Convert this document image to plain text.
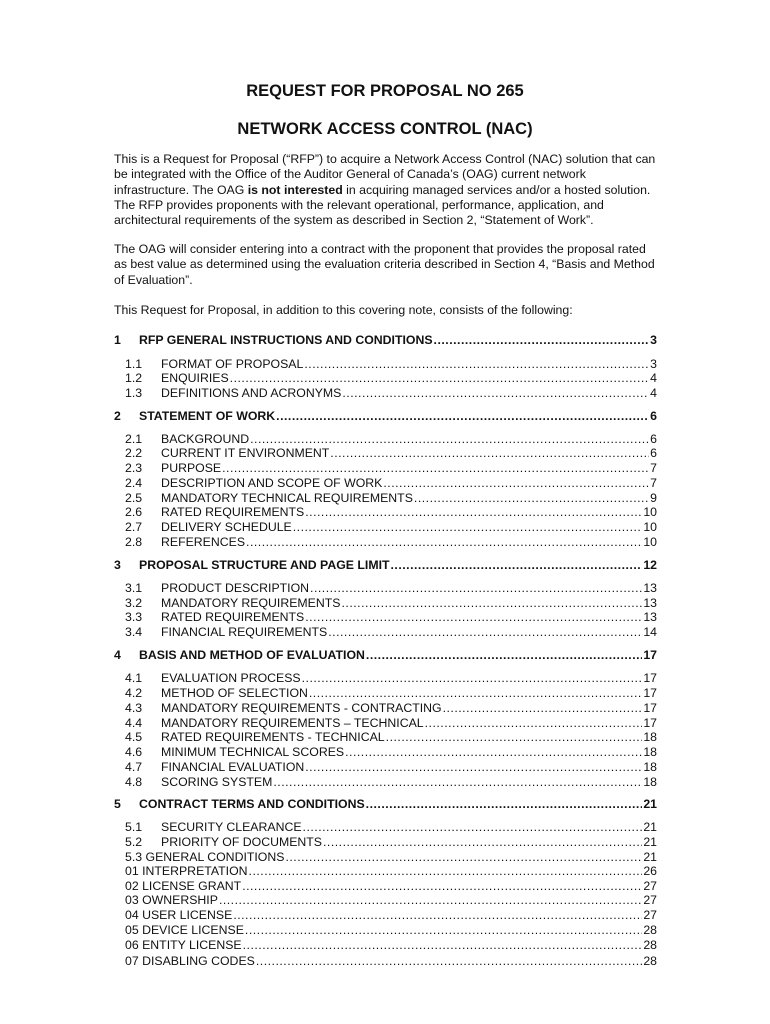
REQUEST FOR PROPOSAL NO 265
NETWORK ACCESS CONTROL (NAC)

This is a Request for Proposal (“RFP”) to acquire a Network Access Control (NAC) solution that can be integrated with the Office of the Auditor General of Canada’s (OAG) current network infrastructure. The OAG is not interested in acquiring managed services and/or a hosted solution. The RFP provides proponents with the relevant operational, performance, application, and architectural requirements of the system as described in Section 2, “Statement of Work”.

The OAG will consider entering into a contract with the proponent that provides the proposal rated as best value as determined using the evaluation criteria described in Section 4, “Basis and Method of Evaluation”.

This Request for Proposal, in addition to this covering note, consists of the following:

1	RFP GENERAL INSTRUCTIONS AND CONDITIONS .....	3
1.1	FORMAT OF PROPOSAL .....	3
1.2	ENQUIRIES .....	4
1.3	DEFINITIONS AND ACRONYMS .....	4
2	STATEMENT OF WORK .....	6
2.1	BACKGROUND .....	6
2.2	CURRENT IT ENVIRONMENT .....	6
2.3	PURPOSE .....	7
2.4	DESCRIPTION AND SCOPE OF WORK .....	7
2.5	MANDATORY TECHNICAL REQUIREMENTS .....	9
2.6	RATED REQUIREMENTS .....	10
2.7	DELIVERY SCHEDULE .....	10
2.8	REFERENCES .....	10
3	PROPOSAL STRUCTURE AND PAGE LIMIT .....	12
3.1	PRODUCT DESCRIPTION .....	13
3.2	MANDATORY REQUIREMENTS .....	13
3.3	RATED REQUIREMENTS .....	13
3.4	FINANCIAL REQUIREMENTS .....	14
4	BASIS AND METHOD OF EVALUATION .....	17
4.1	EVALUATION PROCESS .....	17
4.2	METHOD OF SELECTION .....	17
4.3	MANDATORY REQUIREMENTS - CONTRACTING .....	17
4.4	MANDATORY REQUIREMENTS – TECHNICAL .....	17
4.5	RATED REQUIREMENTS - TECHNICAL .....	18
4.6	MINIMUM TECHNICAL SCORES .....	18
4.7	FINANCIAL EVALUATION .....	18
4.8	SCORING SYSTEM .....	18
5	CONTRACT TERMS AND CONDITIONS .....	21
5.1	SECURITY CLEARANCE .....	21
5.2	PRIORITY OF DOCUMENTS .....	21
5.3 GENERAL CONDITIONS .....	21
01 INTERPRETATION .....	26
02 LICENSE GRANT .....	27
03 OWNERSHIP .....	27
04 USER LICENSE .....	27
05 DEVICE LICENSE .....	28
06 ENTITY LICENSE .....	28
07 DISABLING CODES .....	28
